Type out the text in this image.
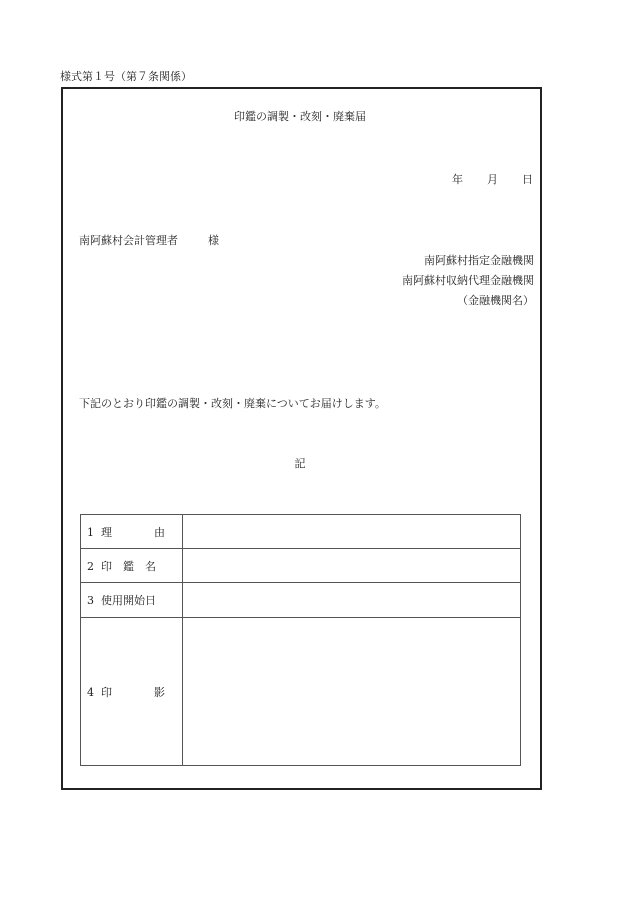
様式第１号（第７条関係）
印鑑の調製・改刻・廃棄届
年 月 日
南阿蘇村会計管理者	様
南阿蘇村指定金融機関
南阿蘇村収納代理金融機関
（金融機関名）
下記のとおり印鑑の調製・改刻・廃棄についてお届けします。
記
1 理 由	
2 印　鑑　名	
3 使用開始日	
4 印 影	
